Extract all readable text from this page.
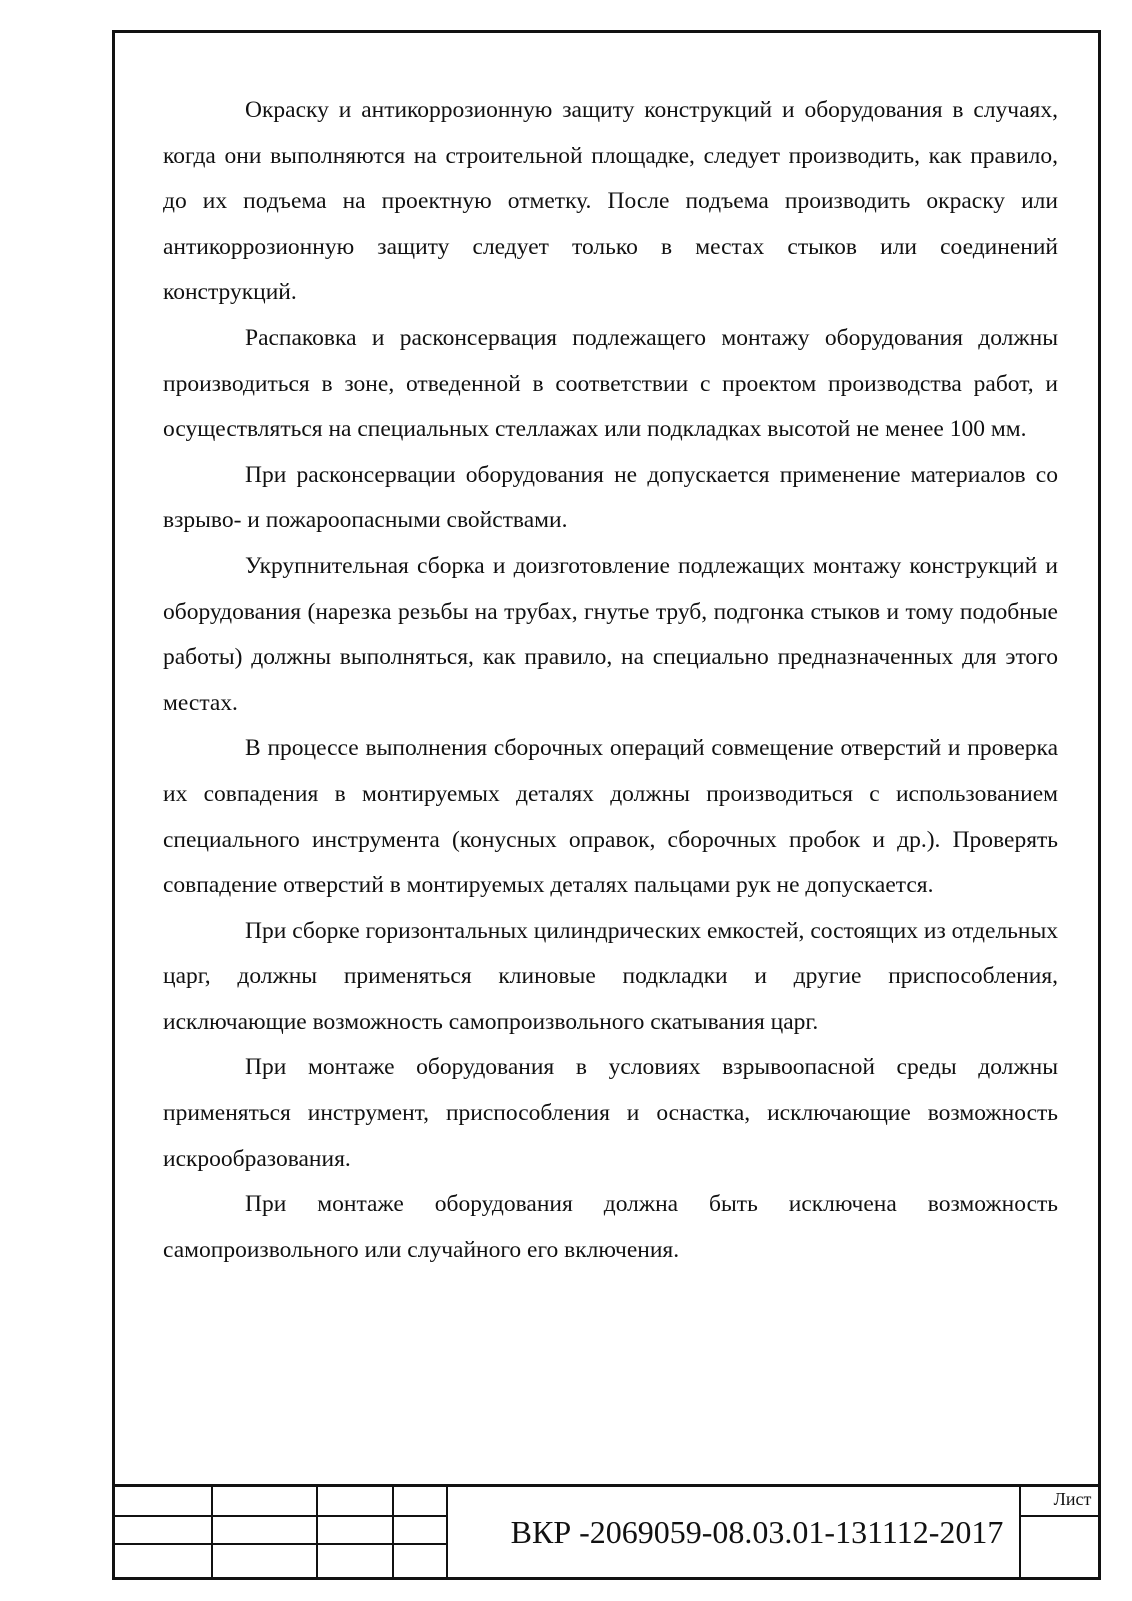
Окраску и антикоррозионную защиту конструкций и оборудования в случаях, когда они выполняются на строительной площадке, следует производить, как правило, до их подъема на проектную отметку. После подъема производить окраску или антикоррозионную защиту следует только в местах стыков или соединений конструкций.

Распаковка и расконсервация подлежащего монтажу оборудования должны производиться в зоне, отведенной в соответствии с проектом производства работ, и осуществляться на специальных стеллажах или подкладках высотой не менее 100 мм.

При расконсервации оборудования не допускается применение материалов со взрыво- и пожароопасными свойствами.

Укрупнительная сборка и доизготовление подлежащих монтажу конструкций и оборудования (нарезка резьбы на трубах, гнутье труб, подгонка стыков и тому подобные работы) должны выполняться, как правило, на специально предназначенных для этого местах.

В процессе выполнения сборочных операций совмещение отверстий и проверка их совпадения в монтируемых деталях должны производиться с использованием специального инструмента (конусных оправок, сборочных пробок и др.). Проверять совпадение отверстий в монтируемых деталях пальцами рук не допускается.

При сборке горизонтальных цилиндрических емкостей, состоящих из отдельных царг, должны применяться клиновые подкладки и другие приспособления, исключающие возможность самопроизвольного скатывания царг.

При монтаже оборудования в условиях взрывоопасной среды должны применяться инструмент, приспособления и оснастка, исключающие возможность искрообразования.

При монтаже оборудования должна быть исключена возможность самопроизвольного или случайного его включения.

ВКР -2069059-08.03.01-131112-2017
Лист
